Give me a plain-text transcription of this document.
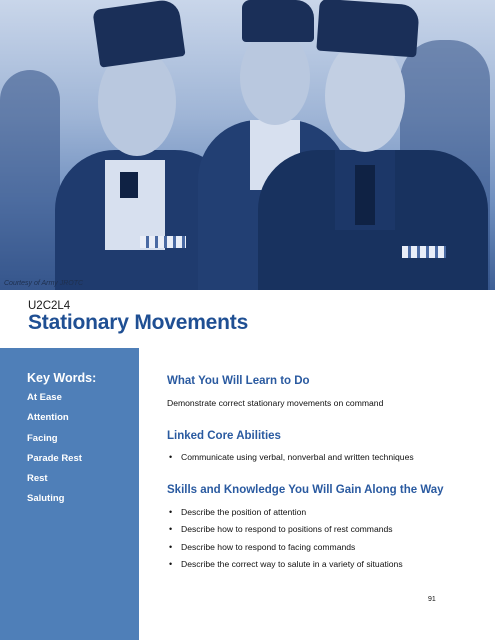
Courtesy of Army JROTC
U2C2L4
Stationary Movements
Key Words:
At Ease
Attention
Facing
Parade Rest
Rest
Saluting
What You Will Learn to Do
Demonstrate correct stationary movements on command
Linked Core Abilities
• Communicate using verbal, nonverbal and written techniques
Skills and Knowledge You Will Gain Along the Way
• Describe the position of attention
• Describe how to respond to positions of rest commands
• Describe how to respond to facing commands
• Describe the correct way to salute in a variety of situations
91
